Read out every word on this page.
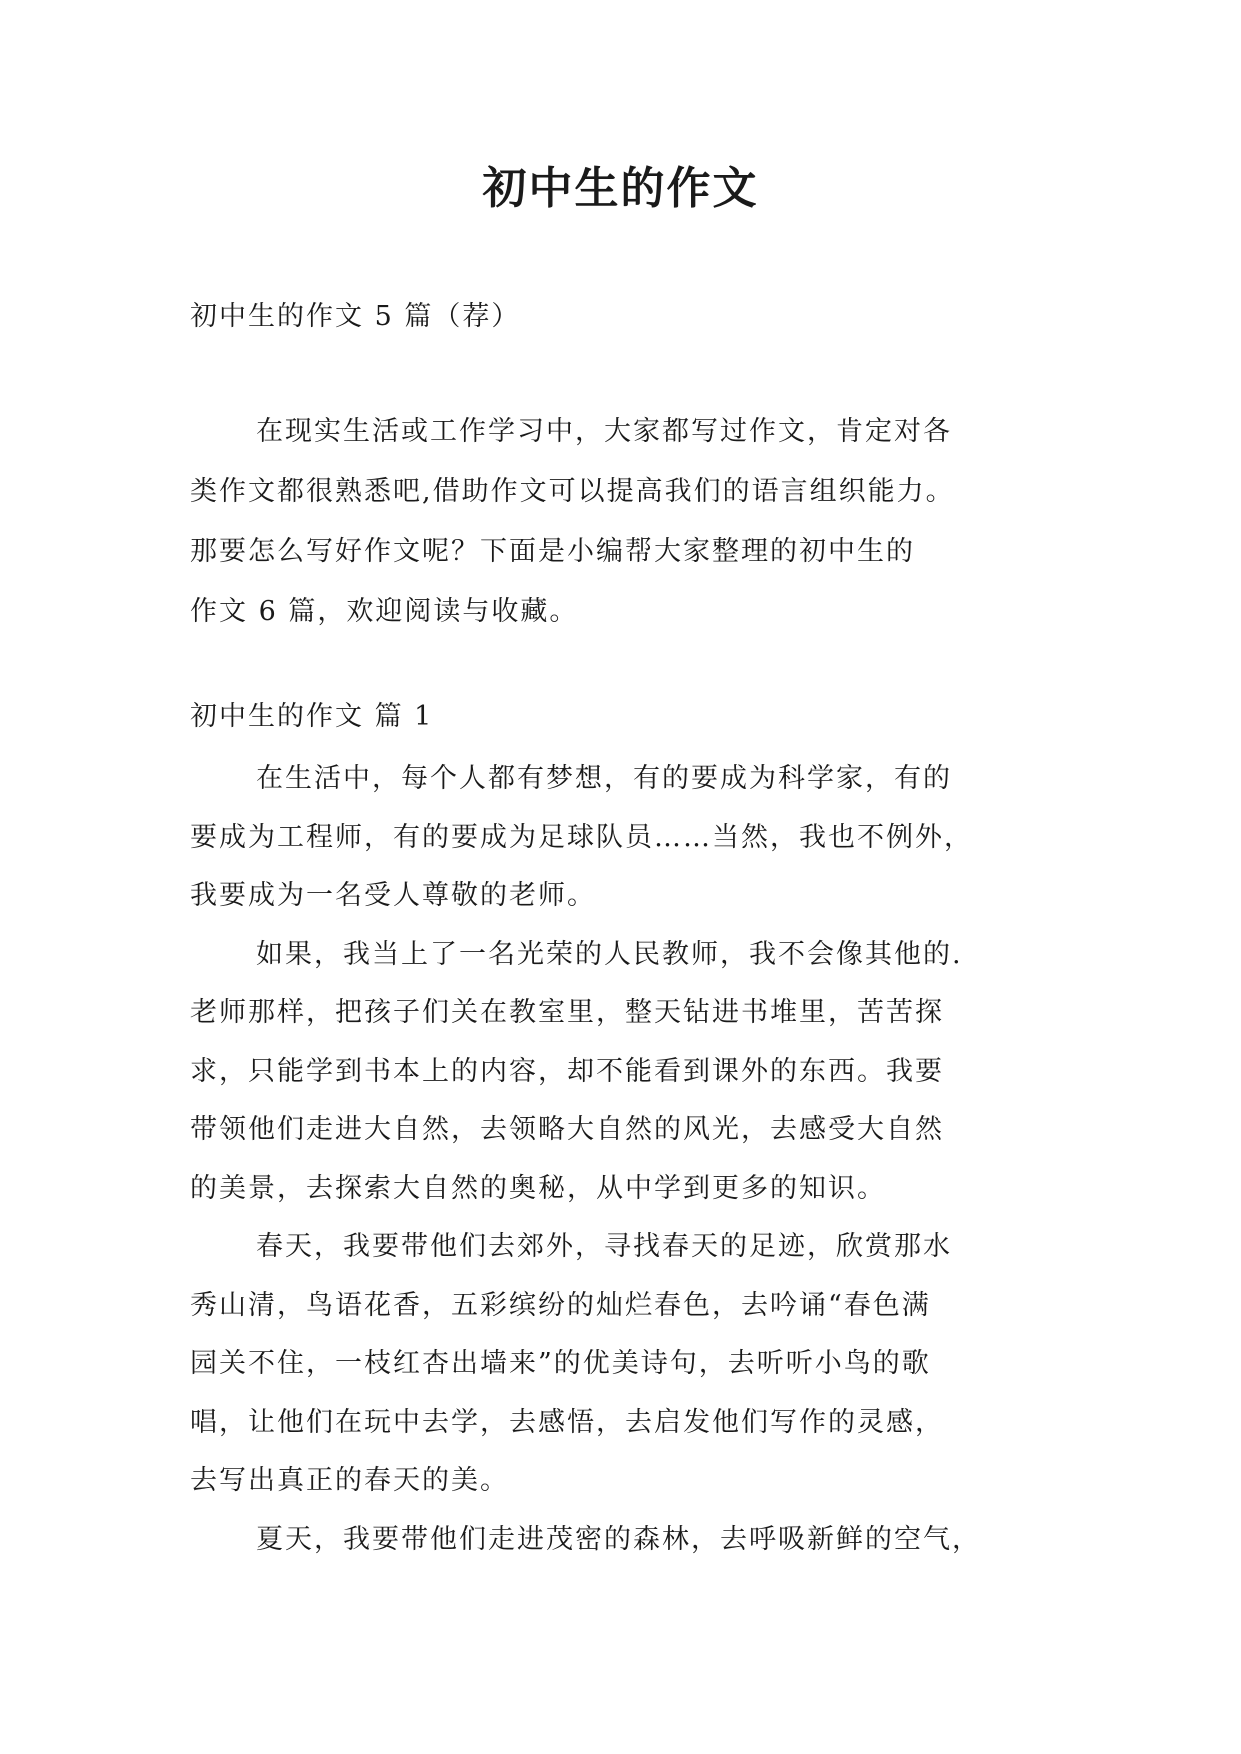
初中生的作文
初中生的作文 5 篇（荐）
在现实生活或工作学习中，大家都写过作文，肯定对各
类作文都很熟悉吧,借助作文可以提高我们的语言组织能力。
那要怎么写好作文呢？下面是小编帮大家整理的初中生的
作文 6 篇，欢迎阅读与收藏。
初中生的作文 篇 1
在生活中，每个人都有梦想，有的要成为科学家，有的
要成为工程师，有的要成为足球队员……当然，我也不例外，
我要成为一名受人尊敬的老师。
如果，我当上了一名光荣的人民教师，我不会像其他的.
老师那样，把孩子们关在教室里，整天钻进书堆里，苦苦探
求，只能学到书本上的内容，却不能看到课外的东西。我要
带领他们走进大自然，去领略大自然的风光，去感受大自然
的美景，去探索大自然的奥秘，从中学到更多的知识。
春天，我要带他们去郊外，寻找春天的足迹，欣赏那水
秀山清，鸟语花香，五彩缤纷的灿烂春色，去吟诵“春色满
园关不住，一枝红杏出墙来”的优美诗句，去听听小鸟的歌
唱，让他们在玩中去学，去感悟，去启发他们写作的灵感，
去写出真正的春天的美。
夏天，我要带他们走进茂密的森林，去呼吸新鲜的空气，
